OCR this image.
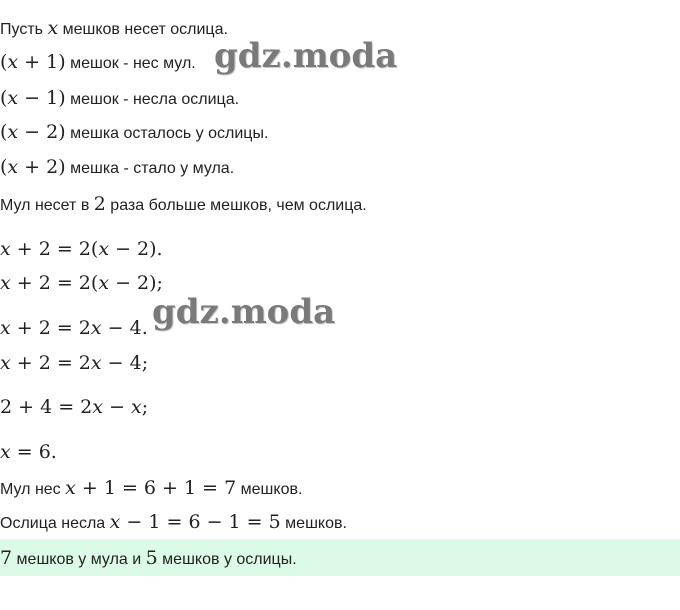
Пусть x мешков несет ослица.
(x + 1) мешок - нес мул.
(x − 1) мешок - несла ослица.
(x − 2) мешка осталось у ослицы.
(x + 2) мешка - стало у мула.
Мул несет в 2 раза больше мешков, чем ослица.
x + 2 = 2(x − 2).
x + 2 = 2(x − 2);
x + 2 = 2x − 4.
x + 2 = 2x − 4;
2 + 4 = 2x − x;
x = 6.
Мул нес x + 1 = 6 + 1 = 7 мешков.
Ослица несла x − 1 = 6 − 1 = 5 мешков.
7 мешков у мула и 5 мешков у ослицы.
gdz.moda
gdz.moda
